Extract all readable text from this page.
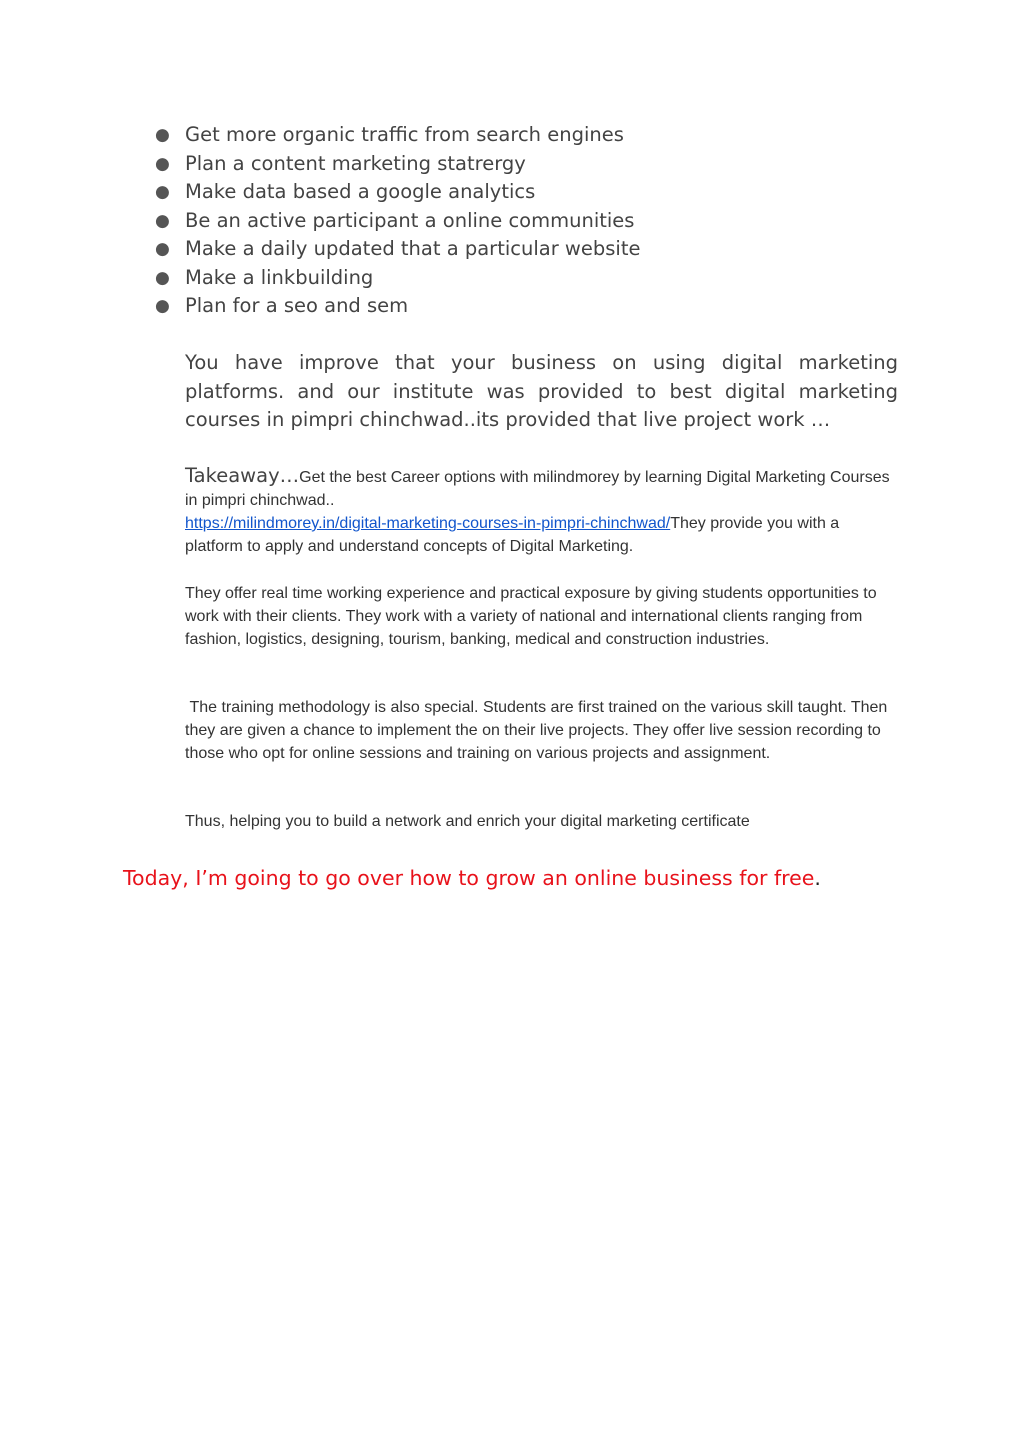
● Get more organic traffic from search engines
● Plan a content marketing statrergy
● Make data based a google analytics
● Be an active participant a online communities
● Make a daily updated that a particular website
● Make a linkbuilding
● Plan for a seo and sem

You have improve that your business on using digital marketing platforms. and our institute was provided to best digital marketing courses in pimpri chinchwad..its provided that live project work …

Takeaway…Get the best Career options with milindmorey by learning Digital Marketing Courses in pimpri chinchwad..
https://milindmorey.in/digital-marketing-courses-in-pimpri-chinchwad/They provide you with a platform to apply and understand concepts of Digital Marketing.

They offer real time working experience and practical exposure by giving students opportunities to work with their clients. They work with a variety of national and international clients ranging from fashion, logistics, designing, tourism, banking, medical and construction industries.

The training methodology is also special. Students are first trained on the various skill taught. Then they are given a chance to implement the on their live projects. They offer live session recording to those who opt for online sessions and training on various projects and assignment.

Thus, helping you to build a network and enrich your digital marketing certificate

Today, I’m going to go over how to grow an online business for free.
